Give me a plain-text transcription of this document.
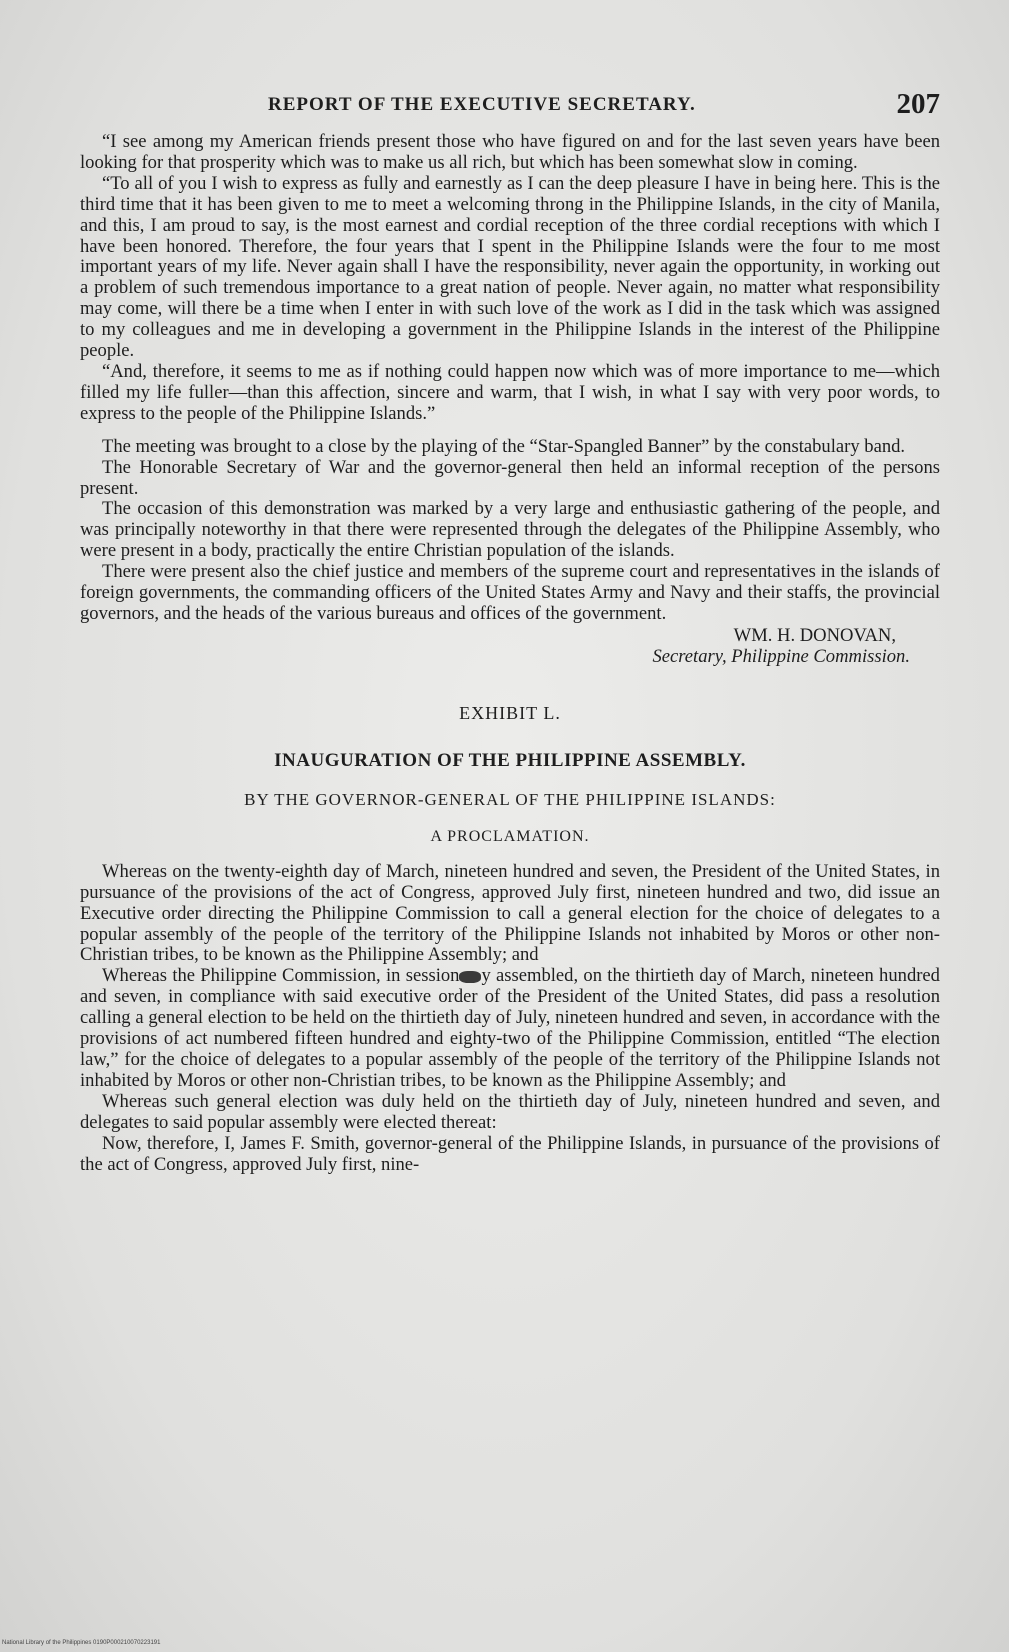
REPORT OF THE EXECUTIVE SECRETARY.	207

“I see among my American friends present those who have figured on and for the last seven years have been looking for that prosperity which was to make us all rich, but which has been somewhat slow in coming.

“To all of you I wish to express as fully and earnestly as I can the deep pleasure I have in being here. This is the third time that it has been given to me to meet a welcoming throng in the Philippine Islands, in the city of Manila, and this, I am proud to say, is the most earnest and cordial reception of the three cordial receptions with which I have been honored. Therefore, the four years that I spent in the Philippine Islands were the four to me most important years of my life. Never again shall I have the responsibility, never again the opportunity, in working out a problem of such tremendous importance to a great nation of people. Never again, no matter what responsibility may come, will there be a time when I enter in with such love of the work as I did in the task which was assigned to my colleagues and me in developing a government in the Philippine Islands in the interest of the Philippine people.

“And, therefore, it seems to me as if nothing could happen now which was of more importance to me—which filled my life fuller—than this affection, sincere and warm, that I wish, in what I say with very poor words, to express to the people of the Philippine Islands.”

The meeting was brought to a close by the playing of the “Star-Spangled Banner” by the constabulary band.

The Honorable Secretary of War and the governor-general then held an informal reception of the persons present.

The occasion of this demonstration was marked by a very large and enthusiastic gathering of the people, and was principally noteworthy in that there were represented through the delegates of the Philippine Assembly, who were present in a body, practically the entire Christian population of the islands.

There were present also the chief justice and members of the supreme court and representatives in the islands of foreign governments, the commanding officers of the United States Army and Navy and their staffs, the provincial governors, and the heads of the various bureaus and offices of the government.

WM. H. DONOVAN,
Secretary, Philippine Commission.
EXHIBIT L.
INAUGURATION OF THE PHILIPPINE ASSEMBLY.
BY THE GOVERNOR-GENERAL OF THE PHILIPPINE ISLANDS:
A PROCLAMATION.

Whereas on the twenty-eighth day of March, nineteen hundred and seven, the President of the United States, in pursuance of the provisions of the act of Congress, approved July first, nineteen hundred and two, did issue an Executive order directing the Philippine Commission to call a general election for the choice of delegates to a popular assembly of the people of the territory of the Philippine Islands not inhabited by Moros or other non-Christian tribes, to be known as the Philippine Assembly; and

Whereas the Philippine Commission, in session y assembled, on the thirtieth day of March, nineteen hundred and seven, in compliance with said executive order of the President of the United States, did pass a resolution calling a general election to be held on the thirtieth day of July, nineteen hundred and seven, in accordance with the provisions of act numbered fifteen hundred and eighty-two of the Philippine Commission, entitled “The election law,” for the choice of delegates to a popular assembly of the people of the territory of the Philippine Islands not inhabited by Moros or other non-Christian tribes, to be known as the Philippine Assembly; and

Whereas such general election was duly held on the thirtieth day of July, nineteen hundred and seven, and delegates to said popular assembly were elected thereat:

Now, therefore, I, James F. Smith, governor-general of the Philippine Islands, in pursuance of the provisions of the act of Congress, approved July first, nine-

National Library of the Philippines 0190P000210070223191
